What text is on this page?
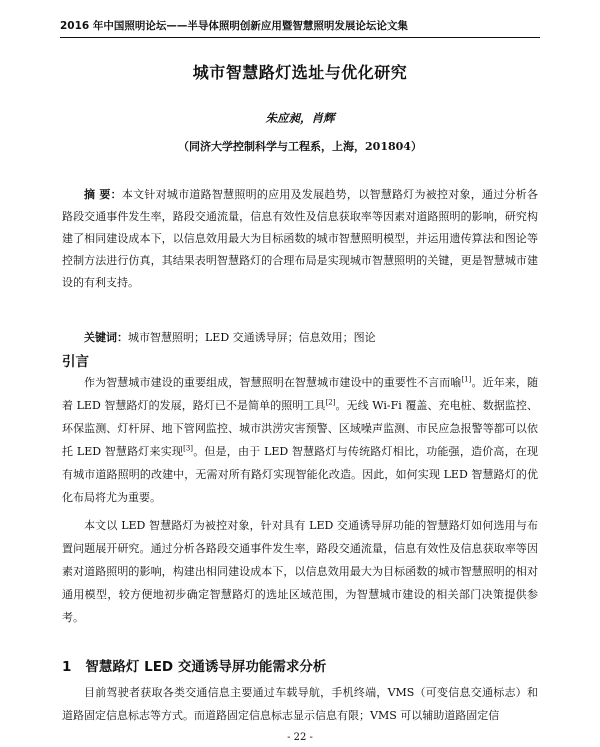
2016 年中国照明论坛——半导体照明创新应用暨智慧照明发展论坛论文集
城市智慧路灯选址与优化研究
朱应昶，肖辉
（同济大学控制科学与工程系，上海，201804）
摘 要：本文针对城市道路智慧照明的应用及发展趋势，以智慧路灯为被控对象，通过分析各路段交通事件发生率，路段交通流量，信息有效性及信息获取率等因素对道路照明的影响，研究构建了相同建设成本下，以信息效用最大为目标函数的城市智慧照明模型，并运用遗传算法和图论等控制方法进行仿真，其结果表明智慧路灯的合理布局是实现城市智慧照明的关键，更是智慧城市建设的有利支持。
关键词：城市智慧照明；LED 交通诱导屏；信息效用；图论
引言
作为智慧城市建设的重要组成，智慧照明在智慧城市建设中的重要性不言而喻[1]。近年来，随着 LED 智慧路灯的发展，路灯已不是简单的照明工具[2]。无线 Wi-Fi 覆盖、充电桩、数据监控、环保监测、灯杆屏、地下管网监控、城市洪涝灾害预警、区域噪声监测、市民应急报警等都可以依托 LED 智慧路灯来实现[3]。但是，由于 LED 智慧路灯与传统路灯相比，功能强，造价高，在现有城市道路照明的改建中，无需对所有路灯实现智能化改造。因此，如何实现 LED 智慧路灯的优化布局将尤为重要。
本文以 LED 智慧路灯为被控对象，针对具有 LED 交通诱导屏功能的智慧路灯如何选用与布置问题展开研究。通过分析各路段交通事件发生率，路段交通流量，信息有效性及信息获取率等因素对道路照明的影响，构建出相同建设成本下，以信息效用最大为目标函数的城市智慧照明的相对通用模型，较方便地初步确定智慧路灯的选址区域范围，为智慧城市建设的相关部门决策提供参考。
1 智慧路灯 LED 交通诱导屏功能需求分析
目前驾驶者获取各类交通信息主要通过车载导航，手机终端，VMS（可变信息交通标志）和道路固定信息标志等方式。而道路固定信息标志显示信息有限；VMS 可以辅助道路固定信
- 22 -
